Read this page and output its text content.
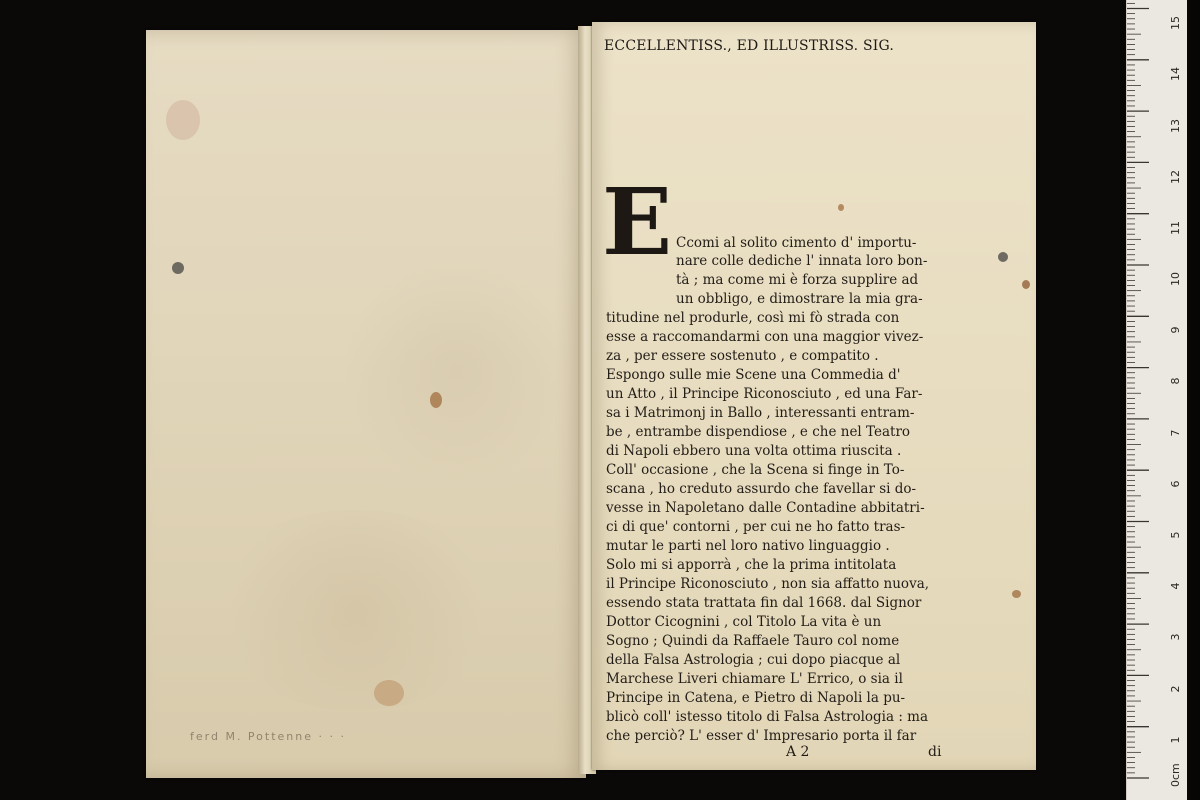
ferd M. Pottenne · · ·
ECCELLENTISS., ED ILLUSTRISS. SIG.
E Ccomi al solito cimento d' importu-
nare colle dediche l' innata loro bon-
tà ; ma come mi è forza supplire ad
un obbligo, e dimostrare la mia gra-
titudine nel produrle, così mi fò strada con
esse a raccomandarmi con una maggior vivez-
za , per essere sostenuto , e compatito .
Espongo sulle mie Scene una Commedia d'
un Atto , il Principe Riconosciuto , ed una Far-
sa i Matrimonj in Ballo , interessanti entram-
be , entrambe dispendiose , e che nel Teatro
di Napoli ebbero una volta ottima riuscita .
Coll' occasione , che la Scena si finge in To-
scana , ho creduto assurdo che favellar si do-
vesse in Napoletano dalle Contadine abbitatri-
ci di que' contorni , per cui ne ho fatto tras-
mutar le parti nel loro nativo linguaggio .
Solo mi si apporrà , che la prima intitolata
il Principe Riconosciuto , non sia affatto nuova,
essendo stata trattata fin dal 1668. dal Signor
Dottor Cicognini , col Titolo La vita è un
Sogno ; Quindi da Raffaele Tauro col nome
della Falsa Astrologia ; cui dopo piacque al
Marchese Liveri chiamare L' Errico, o sia il
Principe in Catena, e Pietro di Napoli la pu-
blicò coll' istesso titolo di Falsa Astrologia : ma
che perciò? L' esser d' Impresario porta il far
A 2	di
15
14
13
12
11
10
9
8
7
6
5
4
3
2
1
0cm
